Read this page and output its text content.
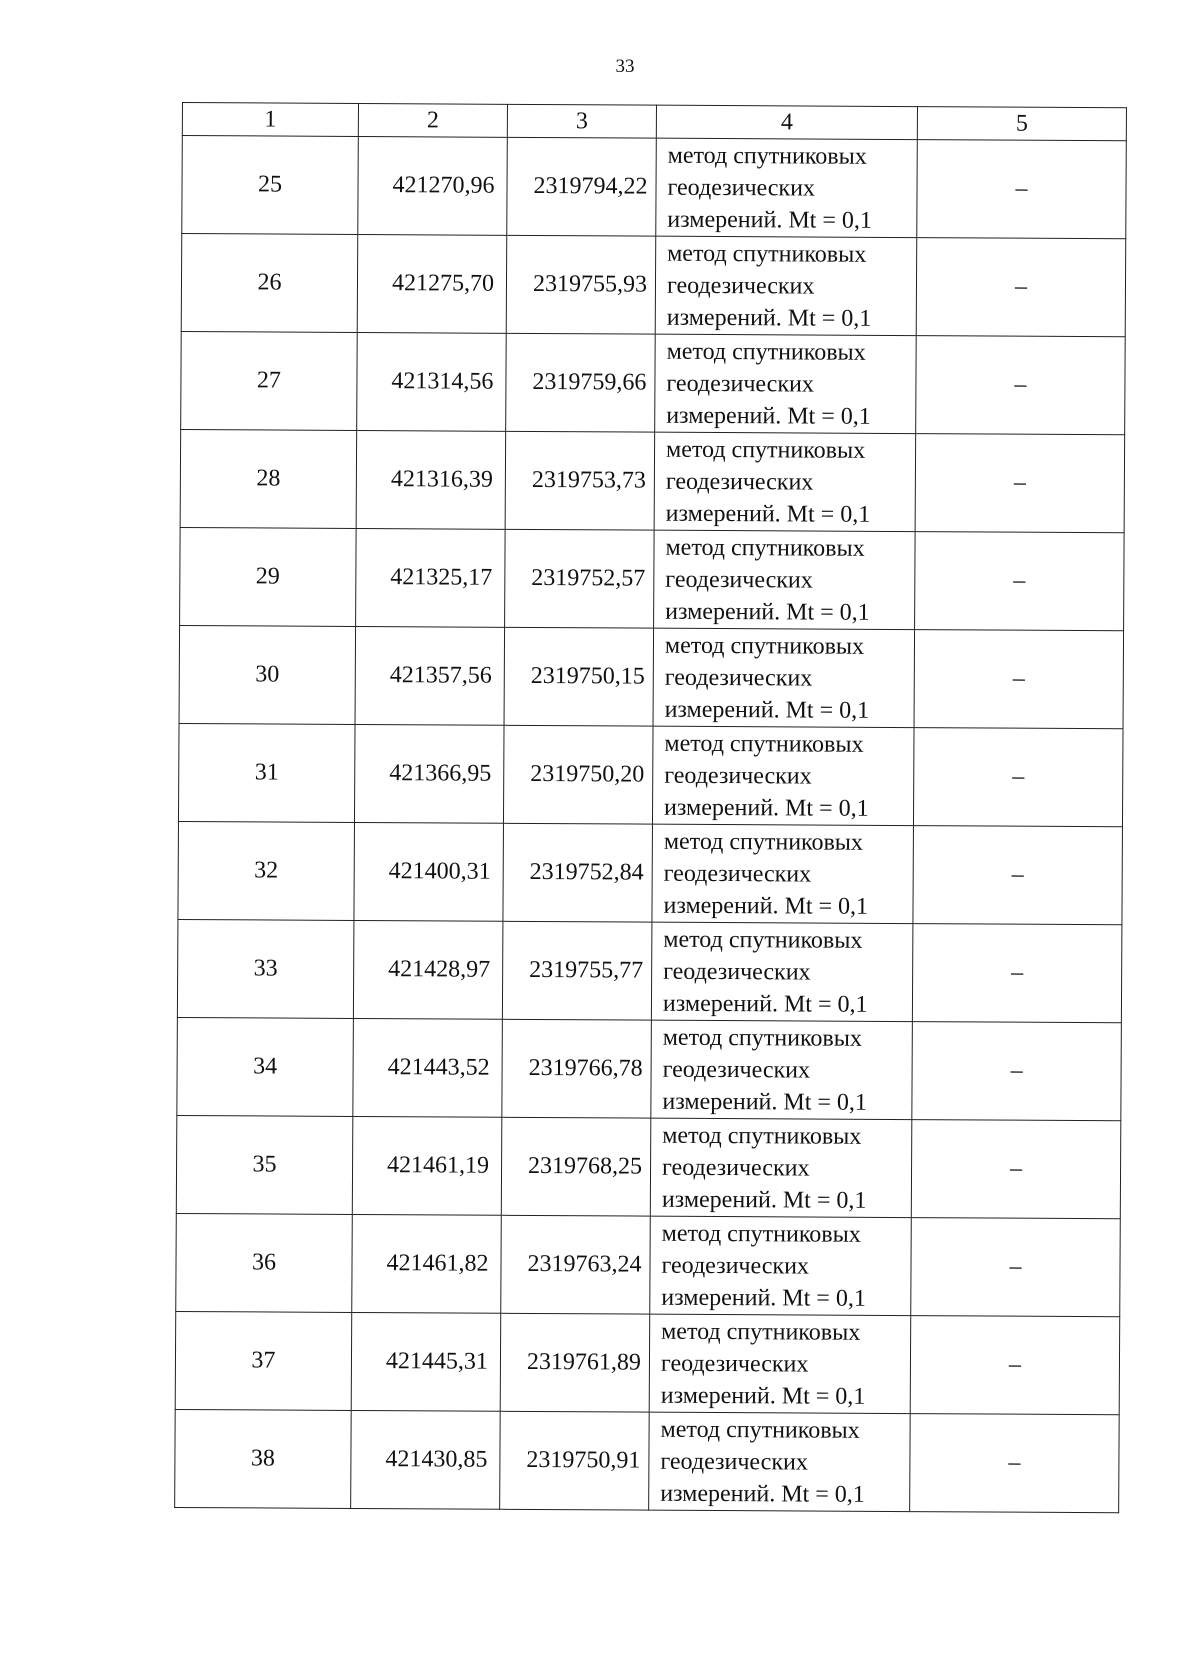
33
1	2	3	4	5
25	421270,96	2319794,22	метод спутниковых
геодезических
измерений. Mt = 0,1	–
26	421275,70	2319755,93	метод спутниковых
геодезических
измерений. Mt = 0,1	–
27	421314,56	2319759,66	метод спутниковых
геодезических
измерений. Mt = 0,1	–
28	421316,39	2319753,73	метод спутниковых
геодезических
измерений. Mt = 0,1	–
29	421325,17	2319752,57	метод спутниковых
геодезических
измерений. Mt = 0,1	–
30	421357,56	2319750,15	метод спутниковых
геодезических
измерений. Mt = 0,1	–
31	421366,95	2319750,20	метод спутниковых
геодезических
измерений. Mt = 0,1	–
32	421400,31	2319752,84	метод спутниковых
геодезических
измерений. Mt = 0,1	–
33	421428,97	2319755,77	метод спутниковых
геодезических
измерений. Mt = 0,1	–
34	421443,52	2319766,78	метод спутниковых
геодезических
измерений. Mt = 0,1	–
35	421461,19	2319768,25	метод спутниковых
геодезических
измерений. Mt = 0,1	–
36	421461,82	2319763,24	метод спутниковых
геодезических
измерений. Mt = 0,1	–
37	421445,31	2319761,89	метод спутниковых
геодезических
измерений. Mt = 0,1	–
38	421430,85	2319750,91	метод спутниковых
геодезических
измерений. Mt = 0,1	–
